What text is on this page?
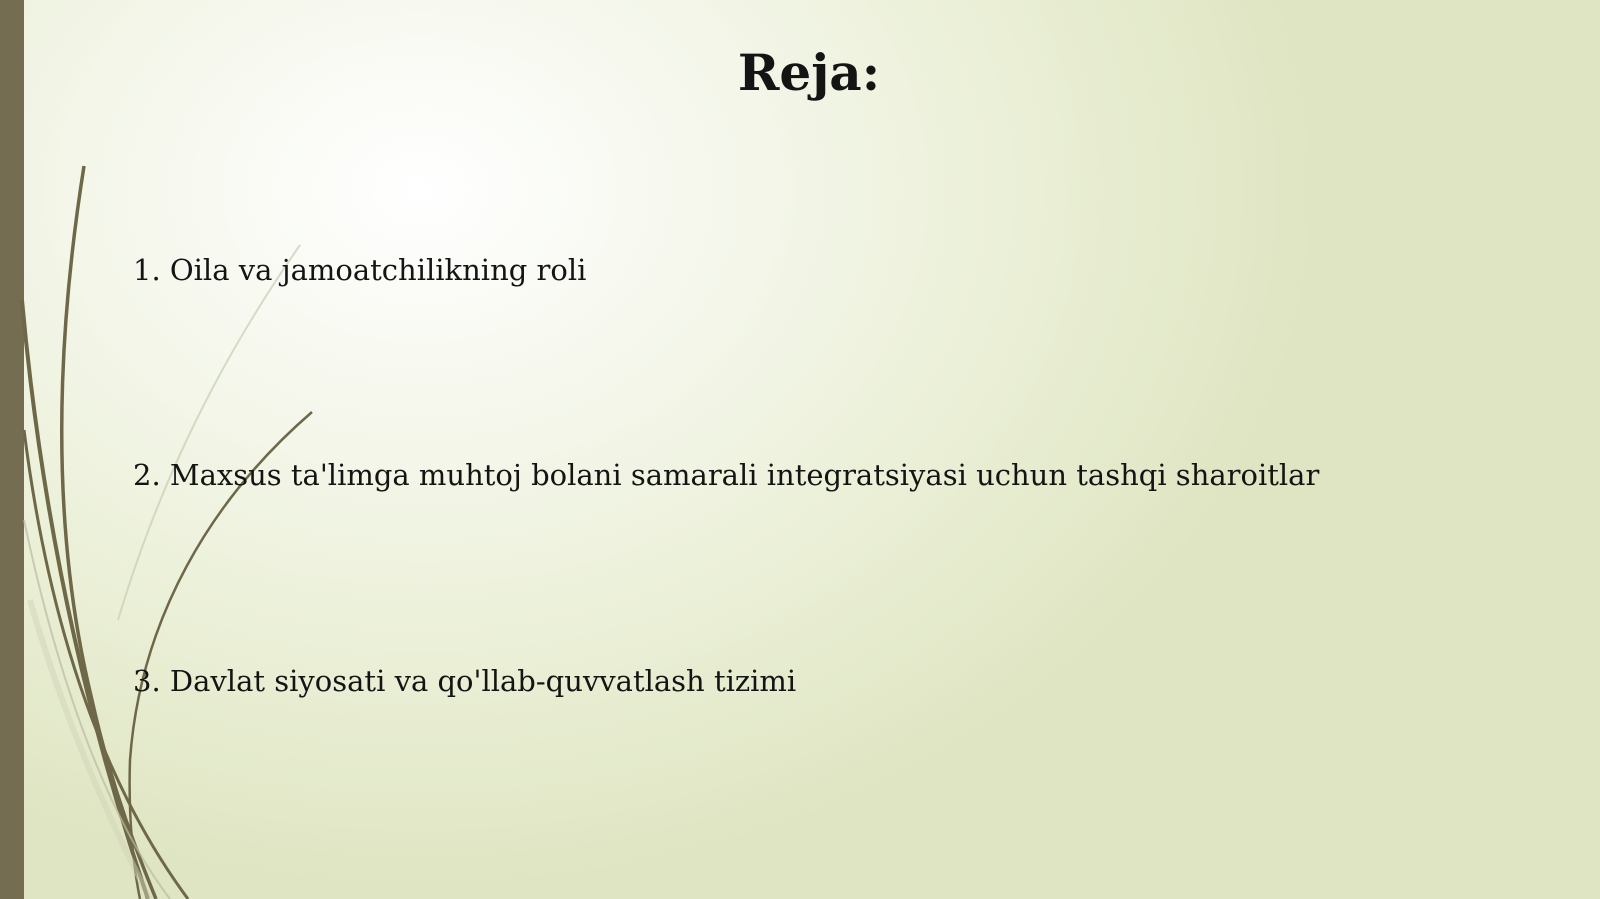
Reja:
1. Oila va jamoatchilikning roli
2. Maxsus ta'limga muhtoj bolani samarali integratsiyasi uchun tashqi sharoitlar
3. Davlat siyosati va qo'llab-quvvatlash tizimi
